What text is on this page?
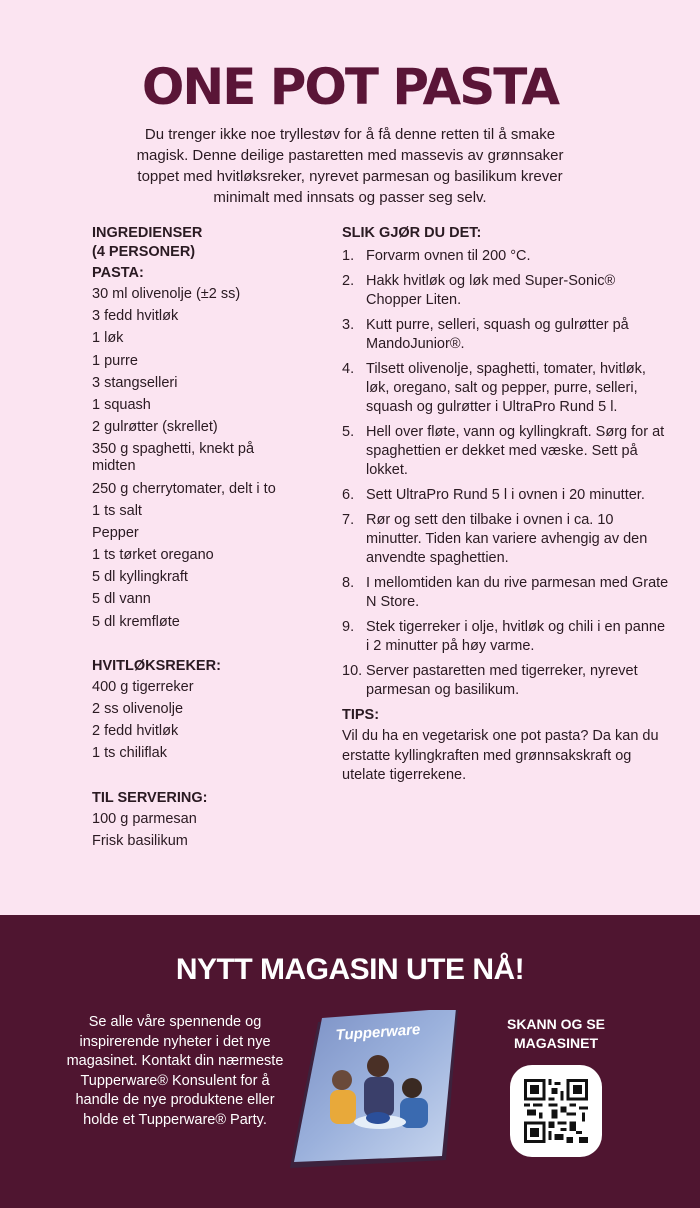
ONE POT PASTA

Du trenger ikke noe tryllestøv for å få denne retten til å smake magisk. Denne deilige pastaretten med massevis av grønnsaker toppet med hvitløksreker, nyrevet parmesan og basilikum krever minimalt med innsats og passer seg selv.

INGREDIENSER

(4 PERSONER)

PASTA:

30 ml olivenolje (±2 ss)
3 fedd hvitløk
1 løk
1 purre
3 stangselleri
1 squash
2 gulrøtter (skrellet)
350 g spaghetti, knekt på midten
250 g cherrytomater, delt i to
1 ts salt
Pepper
1 ts tørket oregano
5 dl kyllingkraft
5 dl vann
5 dl kremfløte

HVITLØKSREKER:

400 g tigerreker
2 ss olivenolje
2 fedd hvitløk
1 ts chiliflak

TIL SERVERING:

100 g parmesan
Frisk basilikum

SLIK GJØR DU DET:

1. Forvarm ovnen til 200 °C.
2. Hakk hvitløk og løk med Super-Sonic® Chopper Liten.
3. Kutt purre, selleri, squash og gulrøtter på MandoJunior®.
4. Tilsett olivenolje, spaghetti, tomater, hvitløk, løk, oregano, salt og pepper, purre, selleri, squash og gulrøtter i UltraPro Rund 5 l.
5. Hell over fløte, vann og kyllingkraft. Sørg for at spaghettien er dekket med væske. Sett på lokket.
6. Sett UltraPro Rund 5 l i ovnen i 20 minutter.
7. Rør og sett den tilbake i ovnen i ca. 10 minutter. Tiden kan variere avhengig av den anvendte spaghettien.
8. I mellomtiden kan du rive parmesan med Grate N Store.
9. Stek tigerreker i olje, hvitløk og chili i en panne i 2 minutter på høy varme.
10. Server pastaretten med tigerreker, nyrevet parmesan og basilikum.

TIPS:

Vil du ha en vegetarisk one pot pasta? Da kan du erstatte kyllingkraften med grønnsakskraft og utelate tigerrekene.

NYTT MAGASIN UTE NÅ!

Se alle våre spennende og inspirerende nyheter i det nye magasinet. Kontakt din nærmeste Tupperware® Konsulent for å handle de nye produktene eller holde et Tupperware® Party.

Tupperware	SKANN OG SE MAGASINET
